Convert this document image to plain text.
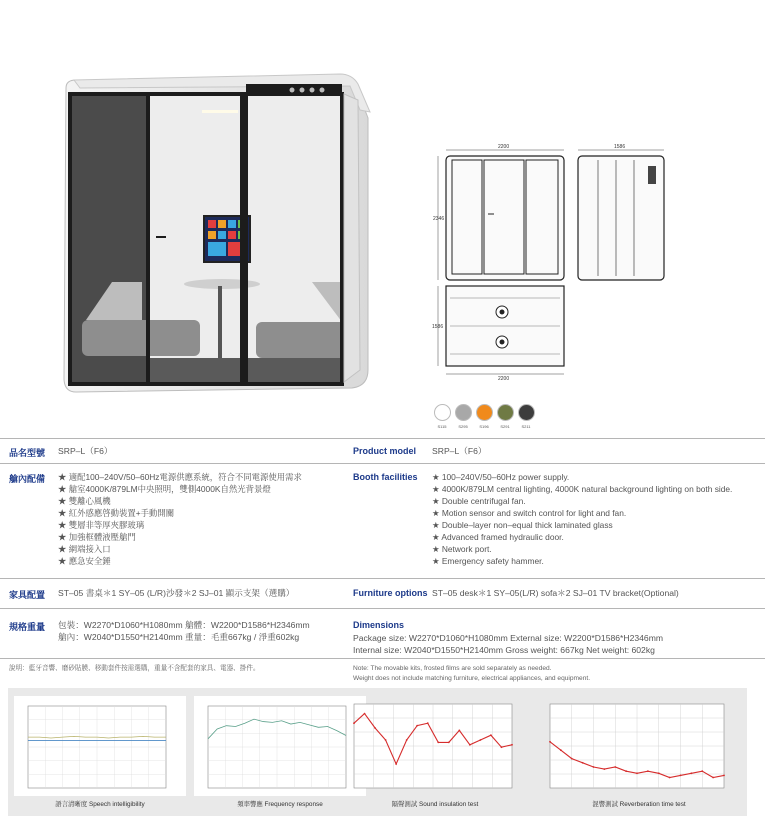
2200
2346
1586
1586
2200
S115	S295	S196	S291	S211
品名型號 SRP–L（F6）	Product model SRP–L（F6）
艙內配備	★ 適配100–240V/50–60Hz電源供應系統，符合不同電源使用需求
★ 艙室4000K/879LM中央照明，雙側4000K自然光背景燈
★ 雙離心風機
★ 紅外感應啓動裝置+手動開關
★ 雙層非等厚夾膠玻璃
★ 加強框體液壓艙門
★ 網端接入口
★ 應急安全錘
Booth facilities	★ 100–240V/50–60Hz power supply.
★ 4000K/879LM central lighting, 4000K natural background lighting on both side.
★ Double centrifugal fan.
★ Motion sensor and switch control for light and fan.
★ Double–layer non–equal thick laminated glass
★ Advanced framed hydraulic door.
★ Network port.
★ Emergency safety hammer.
家具配置 ST–05 書桌＊1 SY–05 (L/R)沙發＊2 SJ–01 顯示支架（選購）	Furniture options ST–05 desk＊1 SY–05(L/R) sofa＊2 SJ–01 TV bracket(Optional)
規格重量 包裝：W2270*D1060*H1080mm 艙體：W2200*D1586*H2346mm
艙內：W2040*D1550*H2140mm 重量：毛重667kg / 淨重602kg
Dimensions
Package size: W2270*D1060*H1080mm External size: W2200*D1586*H2346mm
Internal size: W2040*D1550*H2140mm Gross weight: 667kg Net weight: 602kg
說明：藍牙音響、磨砂貼膜、移動套件按需選購，重量不含配套的家具、電器、掛件。	Note: The movable kits, frosted films are sold separately as needed.
Weight does not include matching furniture, electrical appliances, and equipment.
語言清晰度 Speech intelligibility	頻率響應 Frequency response	隔聲測試 Sound insulation test	混響測試 Reverberation time test
